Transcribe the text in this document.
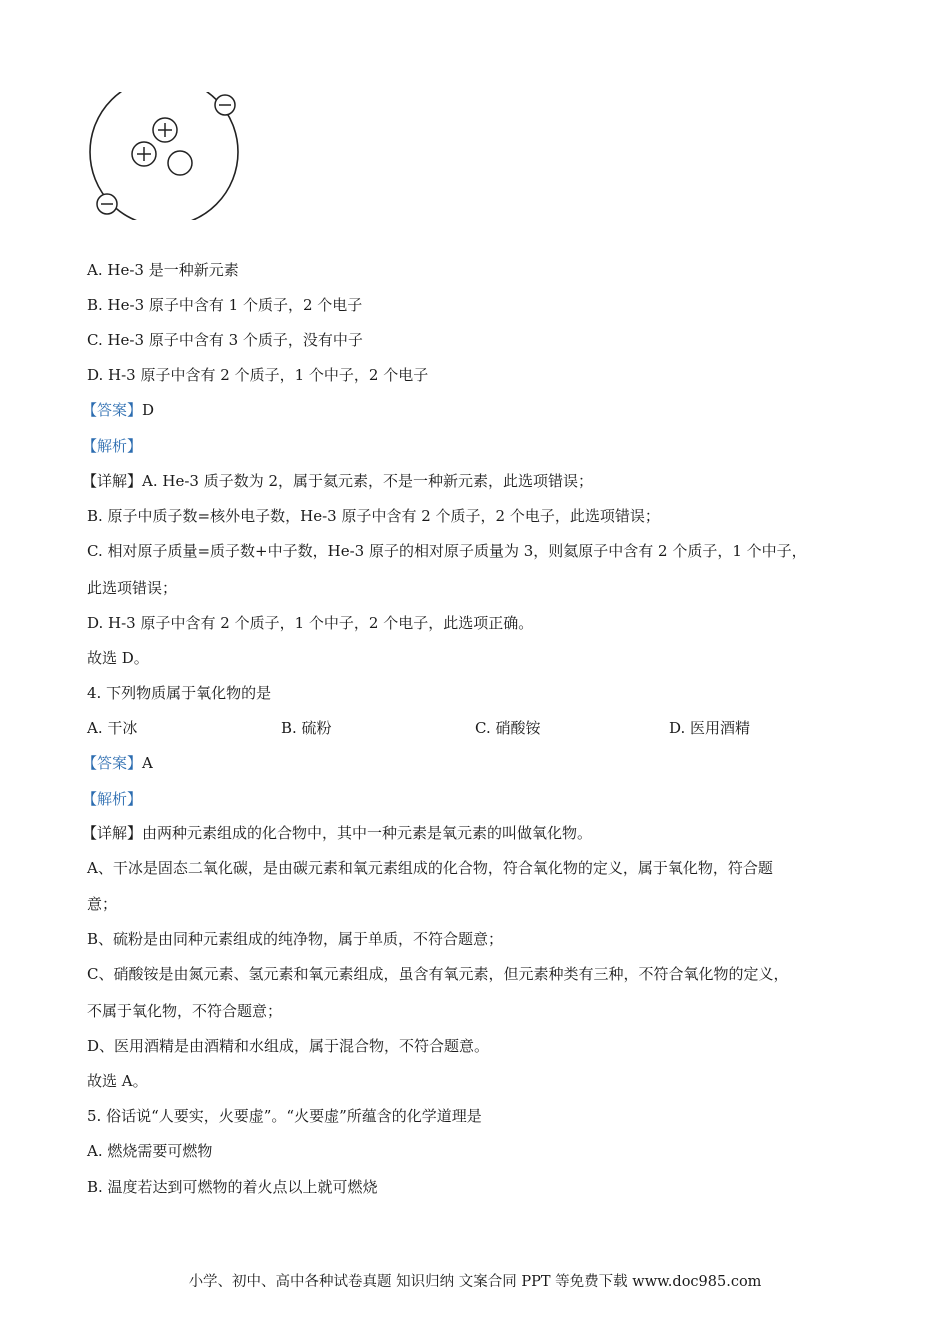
A. He-3 是一种新元素
B. He-3 原子中含有 1 个质子，2 个电子
C. He-3 原子中含有 3 个质子，没有中子
D. H-3 原子中含有 2 个质子，1 个中子，2 个电子
【答案】D
【解析】
【详解】A. He-3 质子数为 2，属于氦元素，不是一种新元素，此选项错误；
B. 原子中质子数=核外电子数，He-3 原子中含有 2 个质子，2 个电子，此选项错误；
C. 相对原子质量=质子数+中子数，He-3 原子的相对原子质量为 3，则氦原子中含有 2 个质子，1 个中子，
此选项错误；
D. H-3 原子中含有 2 个质子，1 个中子，2 个电子，此选项正确。
故选 D。
4. 下列物质属于氧化物的是
A. 干冰	B. 硫粉	C. 硝酸铵	D. 医用酒精
【答案】A
【解析】
【详解】由两种元素组成的化合物中，其中一种元素是氧元素的叫做氧化物。
A、干冰是固态二氧化碳，是由碳元素和氧元素组成的化合物，符合氧化物的定义，属于氧化物，符合题
意；
B、硫粉是由同种元素组成的纯净物，属于单质，不符合题意；
C、硝酸铵是由氮元素、氢元素和氧元素组成，虽含有氧元素，但元素种类有三种，不符合氧化物的定义，
不属于氧化物，不符合题意；
D、医用酒精是由酒精和水组成，属于混合物，不符合题意。
故选 A。
5. 俗话说“人要实，火要虚”。“火要虚”所蕴含的化学道理是
A. 燃烧需要可燃物
B. 温度若达到可燃物的着火点以上就可燃烧
小学、初中、高中各种试卷真题 知识归纳 文案合同 PPT 等免费下载 www.doc985.com
